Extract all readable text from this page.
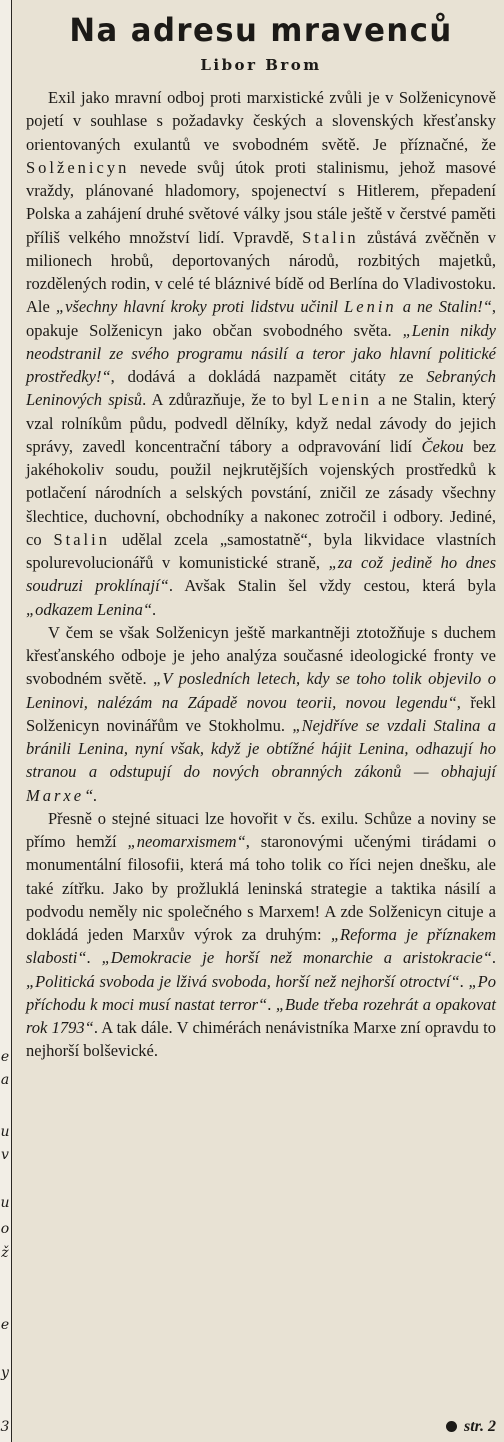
e
a
u
v
u
o
ž
e
y
3
Na adresu mravenců
Libor Brom

Exil jako mravní odboj proti marxistické zvůli je v Solženicynově pojetí v souhlase s požadavky českých a slovenských křesťansky orientovaných exulantů ve svobodném světě. Je příznačné, že Solženicyn nevede svůj útok proti stalinismu, jehož masové vraždy, plánované hladomory, spojenectví s Hitlerem, přepadení Polska a zahájení druhé světové války jsou stále ještě v čerstvé paměti příliš velkého množství lidí. Vpravdě, Stalin zůstává zvěčněn v milionech hrobů, deportovaných národů, rozbitých majetků, rozdělených rodin, v celé té bláznivé bídě od Berlína do Vladivostoku. Ale „všechny hlavní kroky proti lidstvu učinil Lenin a ne Stalin!“, opakuje Solženicyn jako občan svobodného světa. „Lenin nikdy neodstranil ze svého programu násilí a teror jako hlavní politické prostředky!“, dodává a dokládá nazpamět citáty ze Sebraných Leninových spisů. A zdůrazňuje, že to byl Lenin a ne Stalin, který vzal rolníkům půdu, podvedl dělníky, když nedal závody do jejich správy, zavedl koncentrační tábory a odpravování lidí Čekou bez jakéhokoliv soudu, použil nejkrutějších vojenských prostředků k potlačení národních a selských povstání, zničil ze zásady všechny šlechtice, duchovní, obchodníky a nakonec zotročil i odbory. Jediné, co Stalin udělal zcela „samostatně“, byla likvidace vlastních spolurevolucionářů v komunistické straně, „za což jedině ho dnes soudruzi proklínají“. Avšak Stalin šel vždy cestou, která byla „odkazem Lenina“.

V čem se však Solženicyn ještě markantněji ztotožňuje s duchem křesťanského odboje je jeho analýza současné ideologické fronty ve svobodném světě. „V posledních letech, kdy se toho tolik objevilo o Leninovi, nalézám na Západě novou teorii, novou legendu“, řekl Solženicyn novinářům ve Stokholmu. „Nejdříve se vzdali Stalina a bránili Lenina, nyní však, když je obtížné hájit Lenina, odhazují ho stranou a odstupují do nových obranných zákonů — obhajují Marxe“.

Přesně o stejné situaci lze hovořit v čs. exilu. Schůze a noviny se přímo hemží „neomarxismem“, staronovými učenými tirádami o monumentální filosofii, která má toho tolik co říci nejen dnešku, ale také zítřku. Jako by prožluklá leninská strategie a taktika násilí a podvodu neměly nic společného s Marxem! A zde Solženicyn cituje a dokládá jeden Marxův výrok za druhým: „Reforma je příznakem slabosti“. „Demokracie je horší než monarchie a aristokracie“. „Politická svoboda je lživá svoboda, horší než nejhorší otroctví“. „Po příchodu k moci musí nastat terror“. „Bude třeba rozehrát a opakovat rok 1793“. A tak dále. V chimérách nenávistníka Marxe zní opravdu to nejhorší bolševické.

str. 2
